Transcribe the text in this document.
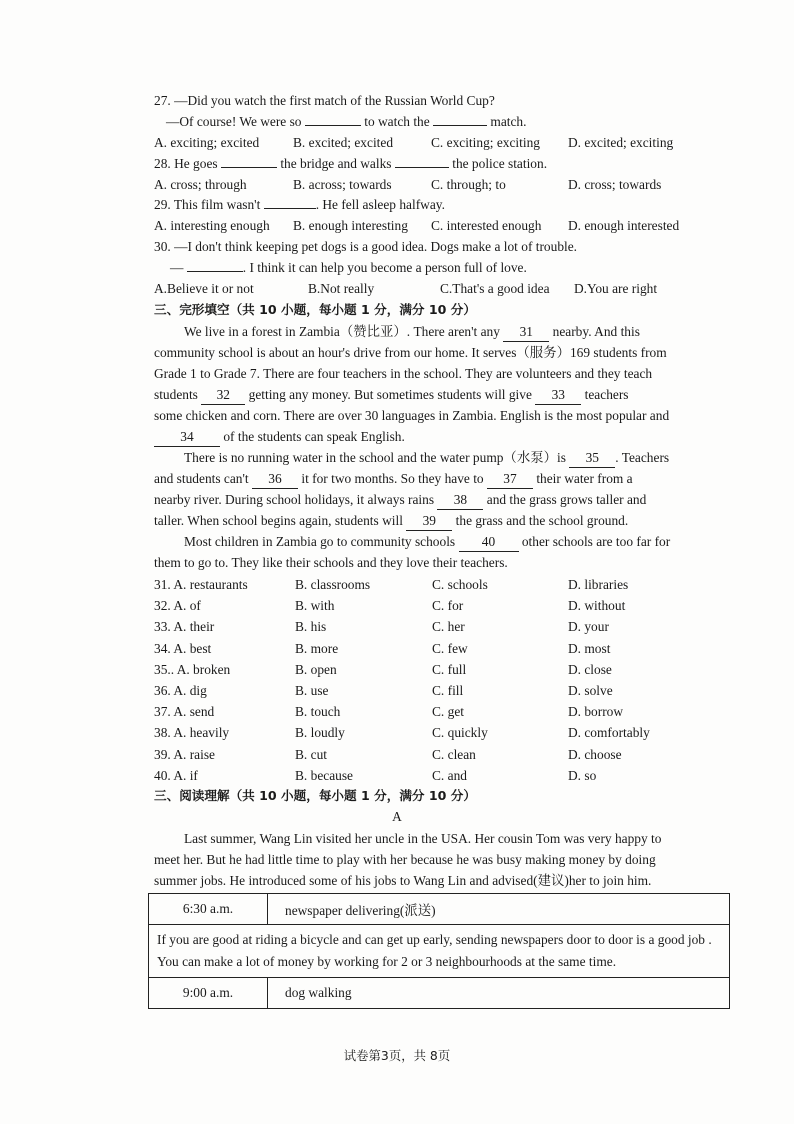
27. —Did you watch the first match of the Russian World Cup?
—Of course! We were so	to watch the	match.
A. exciting; excited	B. excited; excited	C. exciting; exciting D. excited; exciting
28. He goes	the bridge and walks	the police station.
A. cross; through	B. across; towards	C. through; to	D. cross; towards
29. This film wasn't	. He fell asleep halfway.
A. interesting enough B. enough interesting C. interested enough D. enough interested
30. —I don't think keeping pet dogs is a good idea. Dogs make a lot of trouble.
—	. I think it can help you become a person full of love.
A.Believe it or not	B.Not really	C.That's a good idea D.You are right
三、完形填空（共 10 小题，每小题 1 分，满分 10 分）
We live in a forest in Zambia（赞比亚）. There aren't any 31 nearby. And this
community school is about an hour's drive from our home. It serves（服务）169 students from
Grade 1 to Grade 7. There are four teachers in the school. They are volunteers and they teach
students 32 getting any money. But sometimes students will give 33 teachers
some chicken and corn. There are over 30 languages in Zambia. English is the most popular and
34 of the students can speak English.
There is no running water in the school and the water pump（水泵）is 35 . Teachers
and students can't 36 it for two months. So they have to 37 their water from a
nearby river. During school holidays, it always rains 38 and the grass grows taller and
taller. When school begins again, students will 39 the grass and the school ground.
Most children in Zambia go to community schools 40 other schools are too far for
them to go to. They like their schools and they love their teachers.
31. A. restaurants	B. classrooms	C. schools	D. libraries
32. A. of	B. with	C. for	D. without
33. A. their	B. his	C. her	D. your
34. A. best	B. more	C. few	D. most
35.. A. broken	B. open	C. full	D. close
36. A. dig	B. use	C. fill	D. solve
37. A. send	B. touch	C. get	D. borrow
38. A. heavily	B. loudly	C. quickly	D. comfortably
39. A. raise	B. cut	C. clean	D. choose
40. A. if	B. because	C. and	D. so
三、阅读理解（共 10 小题，每小题 1 分，满分 10 分）
A
Last summer, Wang Lin visited her uncle in the USA. Her cousin Tom was very happy to
meet her. But he had little time to play with her because he was busy making money by doing
summer jobs. He introduced some of his jobs to Wang Lin and advised(建议)her to join him.
6:30 a.m.	newspaper delivering(派送)
If you are good at riding a bicycle and can get up early, sending newspapers door to door is a good job . You can make a lot of money by working for 2 or 3 neighbourhoods at the same time.
9:00 a.m.	dog walking
试卷第3页，共 8页
